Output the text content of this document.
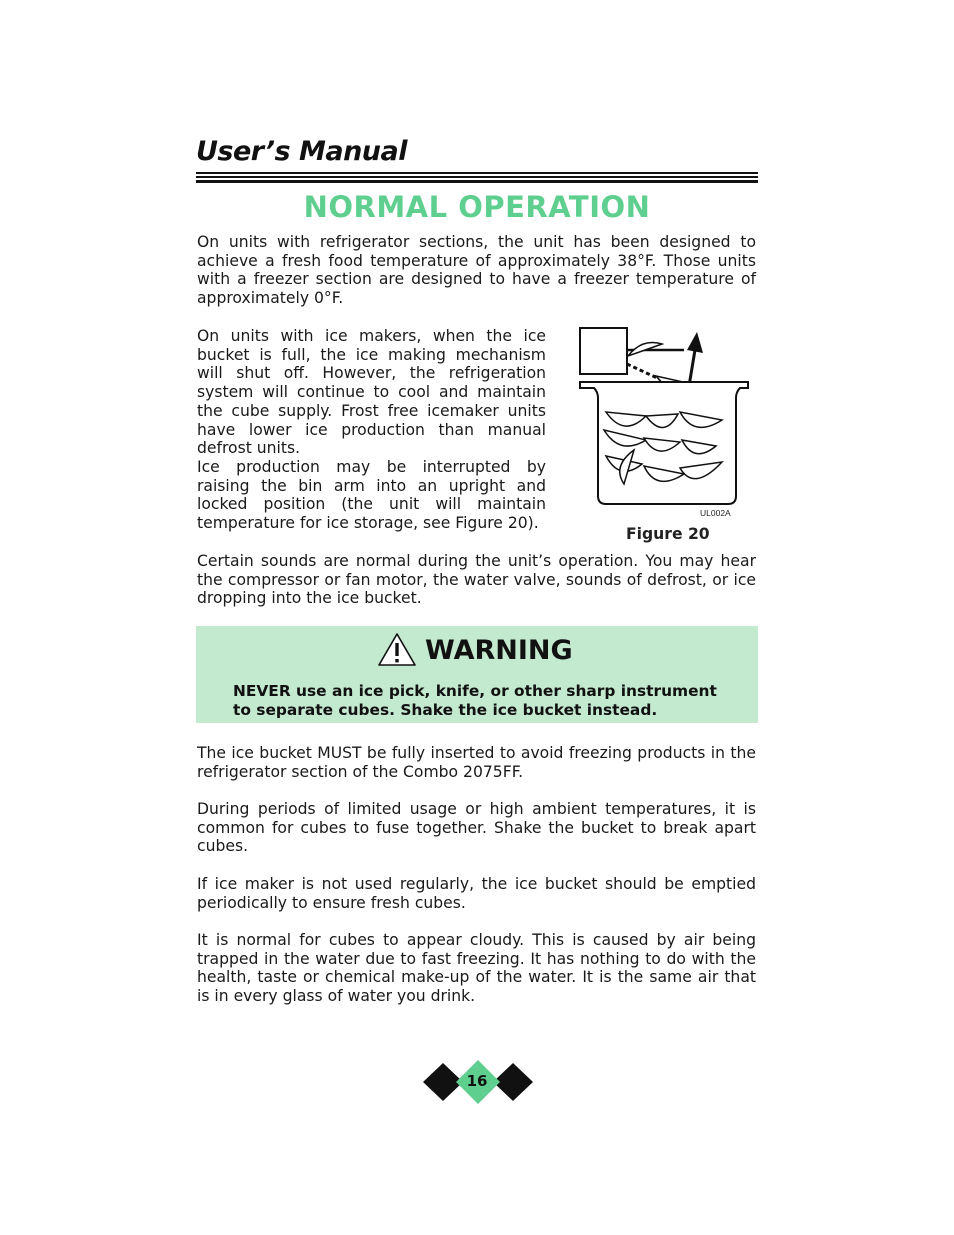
User’s Manual
NORMAL OPERATION

On units with refrigerator sections, the unit has been designed to achieve a fresh food temperature of approximately 38°F. Those units with a freezer section are designed to have a freezer temperature of approximately 0°F.

On units with ice makers, when the ice bucket is full, the ice making mechanism will shut off. However, the refrigeration system will continue to cool and maintain the cube supply. Frost free icemaker units have lower ice production than manual defrost units.

Ice production may be interrupted by raising the bin arm into an upright and locked position (the unit will maintain temperature for ice storage, see Figure 20).

UL002A

Figure 20

Certain sounds are normal during the unit’s operation. You may hear the compressor or fan motor, the water valve, sounds of defrost, or ice dropping into the ice bucket.

WARNING

NEVER use an ice pick, knife, or other sharp instrument to separate cubes. Shake the ice bucket instead.

The ice bucket MUST be fully inserted to avoid freezing products in the refrigerator section of the Combo 2075FF.

During periods of limited usage or high ambient temperatures, it is common for cubes to fuse together. Shake the bucket to break apart cubes.

If ice maker is not used regularly, the ice bucket should be emptied periodically to ensure fresh cubes.

It is normal for cubes to appear cloudy. This is caused by air being trapped in the water due to fast freezing. It has nothing to do with the health, taste or chemical make-up of the water. It is the same air that is in every glass of water you drink.

16
